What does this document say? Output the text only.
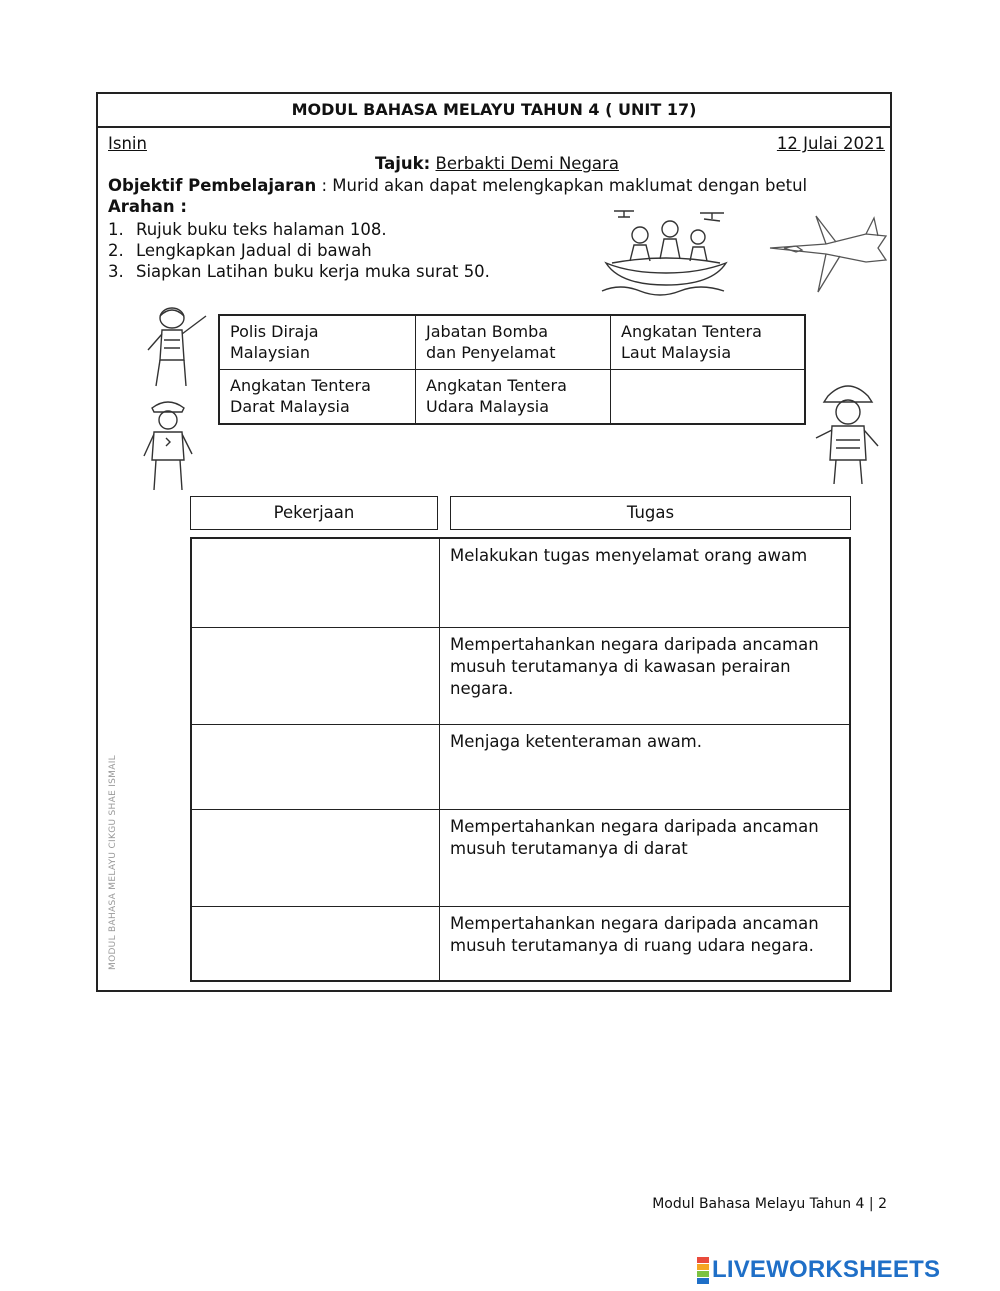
MODUL BAHASA MELAYU TAHUN 4 ( UNIT 17)
Isnin	12 Julai 2021
Tajuk: Berbakti Demi Negara
Objektif Pembelajaran : Murid akan dapat melengkapkan maklumat dengan betul
Arahan :
1. Rujuk buku teks halaman 108.
2. Lengkapkan Jadual di bawah
3. Siapkan Latihan buku kerja muka surat 50.
Polis Diraja
Malaysian
Jabatan Bomba
dan Penyelamat
Angkatan Tentera
Laut Malaysia
Angkatan Tentera
Darat Malaysia
Angkatan Tentera
Udara Malaysia
Pekerjaan	Tugas
Melakukan tugas menyelamat orang awam
Mempertahankan negara daripada ancaman musuh terutamanya di kawasan perairan negara.
Menjaga ketenteraman awam.
Mempertahankan negara daripada ancaman musuh terutamanya di darat
Mempertahankan negara daripada ancaman musuh terutamanya di ruang udara negara.
MODUL BAHASA MELAYU CIKGU SHAE ISMAIL
Modul Bahasa Melayu Tahun 4 | 2
LIVEWORKSHEETS
